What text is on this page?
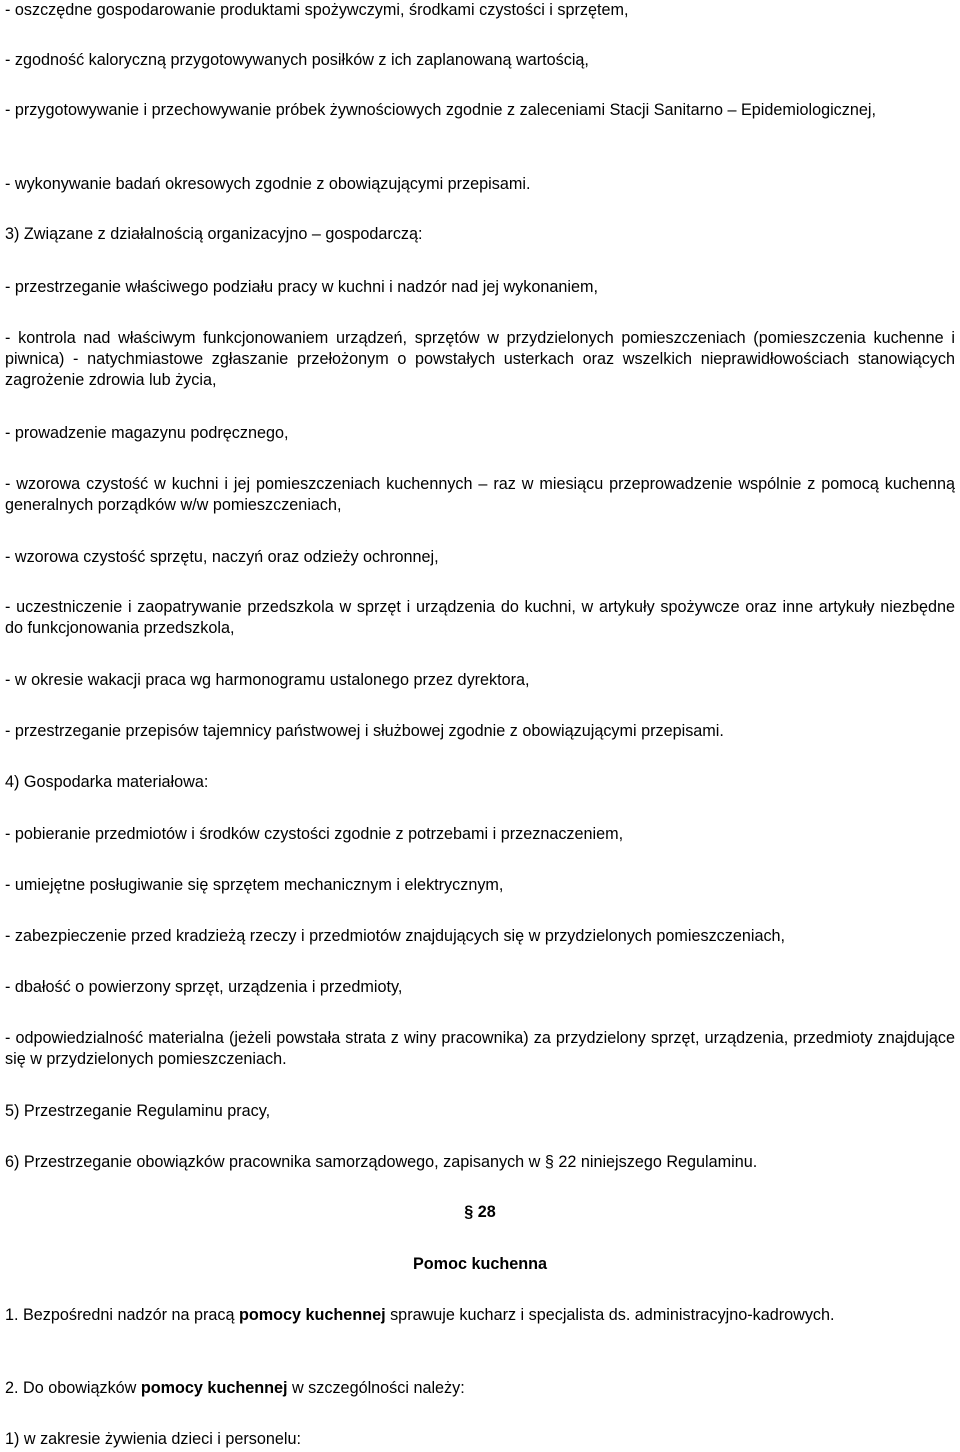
- oszczędne gospodarowanie produktami spożywczymi, środkami czystości i sprzętem,

- zgodność kaloryczną przygotowywanych posiłków z ich zaplanowaną wartością,

- przygotowywanie i przechowywanie próbek żywnościowych zgodnie z zaleceniami Stacji Sanitarno – Epidemiologicznej,

- wykonywanie badań okresowych zgodnie z obowiązującymi przepisami.

3) Związane z działalnością organizacyjno – gospodarczą:

- przestrzeganie właściwego podziału pracy w kuchni i nadzór nad jej wykonaniem,

- kontrola nad właściwym funkcjonowaniem urządzeń, sprzętów w przydzielonych pomieszczeniach (pomieszczenia kuchenne i piwnica) - natychmiastowe zgłaszanie przełożonym o powstałych usterkach oraz wszelkich nieprawidłowościach stanowiących zagrożenie zdrowia lub życia,

- prowadzenie magazynu podręcznego,

- wzorowa czystość w kuchni i jej pomieszczeniach kuchennych – raz w miesiącu przeprowadzenie wspólnie z pomocą kuchenną generalnych porządków w/w pomieszczeniach,

- wzorowa czystość sprzętu, naczyń oraz odzieży ochronnej,

- uczestniczenie i zaopatrywanie przedszkola w sprzęt i urządzenia do kuchni, w artykuły spożywcze oraz inne artykuły niezbędne do funkcjonowania przedszkola,

- w okresie wakacji praca wg harmonogramu ustalonego przez dyrektora,

- przestrzeganie przepisów tajemnicy państwowej i służbowej zgodnie z obowiązującymi przepisami.

4) Gospodarka materiałowa:

- pobieranie przedmiotów i środków czystości zgodnie z potrzebami i przeznaczeniem,

- umiejętne posługiwanie się sprzętem mechanicznym i elektrycznym,

- zabezpieczenie przed kradzieżą rzeczy i przedmiotów znajdujących się w przydzielonych pomieszczeniach,

- dbałość o powierzony sprzęt, urządzenia i przedmioty,

- odpowiedzialność materialna (jeżeli powstała strata z winy pracownika) za przydzielony sprzęt, urządzenia, przedmioty znajdujące się w przydzielonych pomieszczeniach.

5) Przestrzeganie Regulaminu pracy,

6) Przestrzeganie obowiązków pracownika samorządowego, zapisanych w § 22 niniejszego Regulaminu.

§ 28

Pomoc kuchenna

1. Bezpośredni nadzór na pracą pomocy kuchennej sprawuje kucharz i specjalista ds. administracyjno-kadrowych.

2. Do obowiązków pomocy kuchennej w szczególności należy:

1) w zakresie żywienia dzieci i personelu:
